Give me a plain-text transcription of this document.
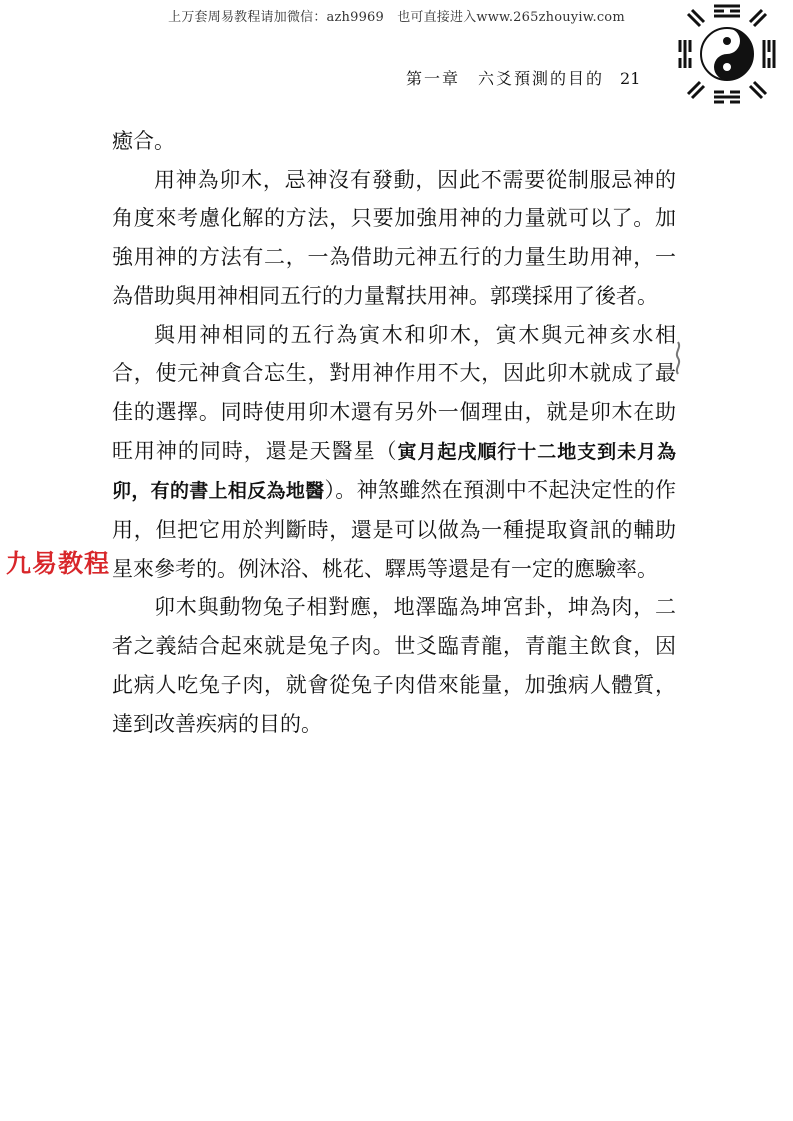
上万套周易教程请加微信：azh9969　也可直接进入www.265zhouyiw.com
第一章　六爻預測的目的 21

癒合。

用神為卯木，忌神沒有發動，因此不需要從制服忌神的角度來考慮化解的方法，只要加強用神的力量就可以了。加強用神的方法有二，一為借助元神五行的力量生助用神，一為借助與用神相同五行的力量幫扶用神。郭璞採用了後者。

與用神相同的五行為寅木和卯木，寅木與元神亥水相合，使元神貪合忘生，對用神作用不大，因此卯木就成了最佳的選擇。同時使用卯木還有另外一個理由，就是卯木在助旺用神的同時，還是天醫星（寅月起戌順行十二地支到未月為卯，有的書上相反為地醫）。神煞雖然在預測中不起決定性的作用，但把它用於判斷時，還是可以做為一種提取資訊的輔助星來參考的。例沐浴、桃花、驛馬等還是有一定的應驗率。

卯木與動物兔子相對應，地澤臨為坤宮卦，坤為肉，二者之義結合起來就是兔子肉。世爻臨青龍，青龍主飲食，因此病人吃兔子肉，就會從兔子肉借來能量，加強病人體質，達到改善疾病的目的。

九易教程
